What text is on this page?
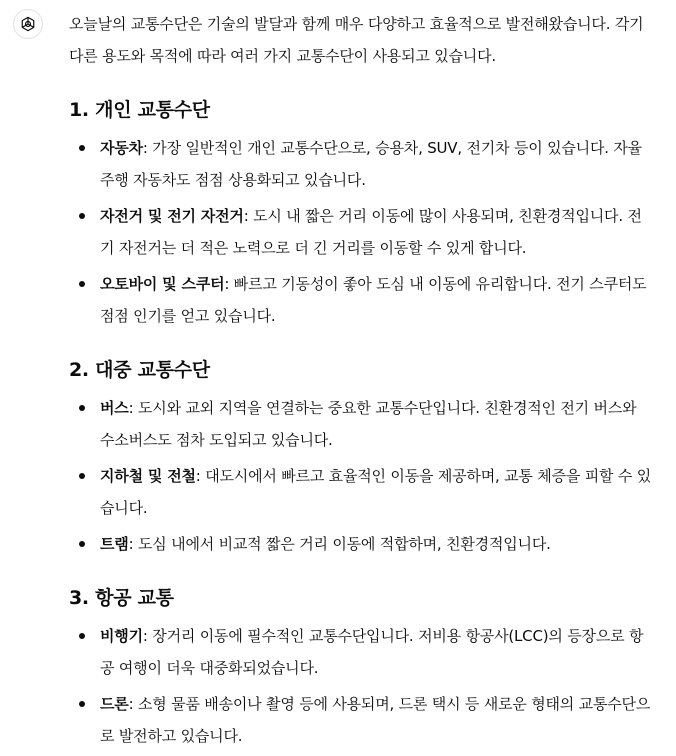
오늘날의 교통수단은 기술의 발달과 함께 매우 다양하고 효율적으로 발전해왔습니다. 각기 다른 용도와 목적에 따라 여러 가지 교통수단이 사용되고 있습니다.

1. 개인 교통수단
자동차: 가장 일반적인 개인 교통수단으로, 승용차, SUV, 전기차 등이 있습니다. 자율 주행 자동차도 점점 상용화되고 있습니다.
자전거 및 전기 자전거: 도시 내 짧은 거리 이동에 많이 사용되며, 친환경적입니다. 전기 자전거는 더 적은 노력으로 더 긴 거리를 이동할 수 있게 합니다.
오토바이 및 스쿠터: 빠르고 기동성이 좋아 도심 내 이동에 유리합니다. 전기 스쿠터도 점점 인기를 얻고 있습니다.
2. 대중 교통수단
버스: 도시와 교외 지역을 연결하는 중요한 교통수단입니다. 친환경적인 전기 버스와 수소버스도 점차 도입되고 있습니다.
지하철 및 전철: 대도시에서 빠르고 효율적인 이동을 제공하며, 교통 체증을 피할 수 있습니다.
트램: 도심 내에서 비교적 짧은 거리 이동에 적합하며, 친환경적입니다.
3. 항공 교통
비행기: 장거리 이동에 필수적인 교통수단입니다. 저비용 항공사(LCC)의 등장으로 항공 여행이 더욱 대중화되었습니다.
드론: 소형 물품 배송이나 촬영 등에 사용되며, 드론 택시 등 새로운 형태의 교통수단으로 발전하고 있습니다.
